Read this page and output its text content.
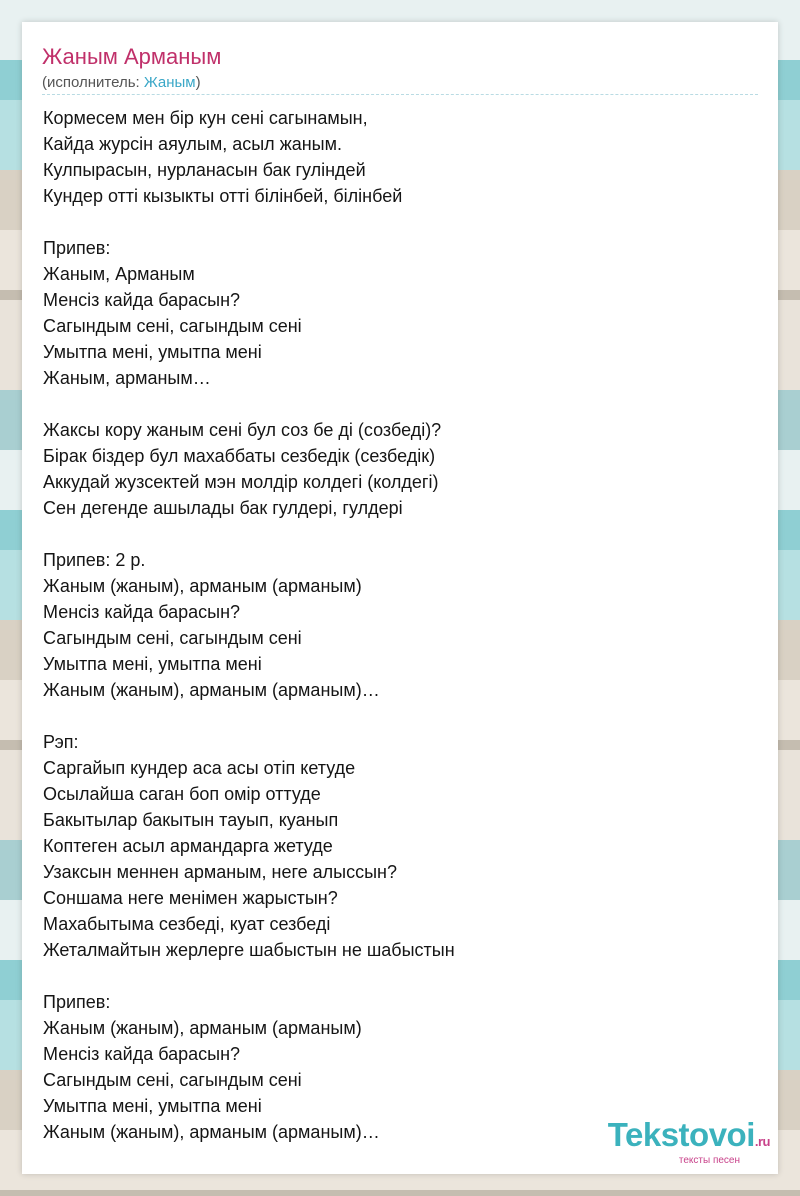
Жаным Арманым
(исполнитель: Жаным)
Кормесем мен бір кун сені сагынамын,
Кайда журсін аяулым, асыл жаным.
Кулпырасын, нурланасын бак гуліндей
Кундер отті кызыкты отті білінбей, білінбей
Припев:
Жаным, Арманым
Менсіз кайда барасын?
Сагындым сені, сагындым сені
Умытпа мені, умытпа мені
Жаным, арманым…
Жаксы кору жаным сені бул соз бе ді (созбеді)?
Бірак біздер бул махаббаты сезбедік (сезбедік)
Аккудай жузсектей мэн молдір колдегі (колдегі)
Сен дегенде ашылады бак гулдері, гулдері
Припев: 2 р.
Жаным (жаным), арманым (арманым)
Менсіз кайда барасын?
Сагындым сені, сагындым сені
Умытпа мені, умытпа мені
Жаным (жаным), арманым (арманым)…
Рэп:
Саргайып кундер аса асы отіп кетуде
Осылайша саган боп омір оттуде
Бакытылар бакытын тауып, куанып
Коптеген асыл армандарга жетуде
Узаксын меннен арманым, неге алыссын?
Соншама неге менімен жарыстын?
Махабытыма сезбеді, куат сезбеді
Жеталмайтын жерлерге шабыстын не шабыстын
Припев:
Жаным (жаным), арманым (арманым)
Менсіз кайда барасын?
Сагындым сені, сагындым сені
Умытпа мені, умытпа мені
Жаным (жаным), арманым (арманым)…	Tekstovoi.ru
тексты песен
